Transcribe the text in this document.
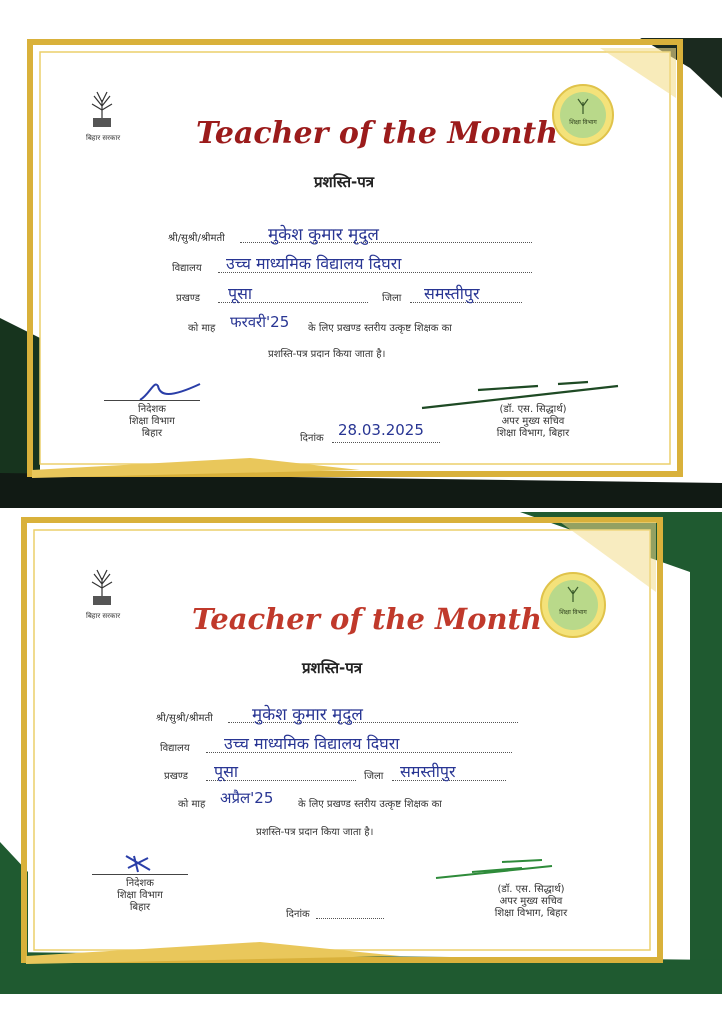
बिहार सरकार
शिक्षा विभाग
Teacher of the Month
प्रशस्ति-पत्र
श्री/सुश्री/श्रीमती	मुकेश कुमार मृदुल
विद्यालय उच्च माध्यमिक विद्यालय दिघरा
प्रखण्ड पूसा	जिला समस्तीपुर
को माह फरवरी'25 के लिए प्रखण्ड स्तरीय उत्कृष्ट शिक्षक का
प्रशस्ति-पत्र प्रदान किया जाता है।
निदेशक
शिक्षा विभाग
बिहार	दिनांक 28.03.2025
(डॉ. एस. सिद्धार्थ)
अपर मुख्य सचिव
शिक्षा विभाग, बिहार
बिहार सरकार	शिक्षा विभाग
Teacher of the Month
प्रशस्ति-पत्र
श्री/सुश्री/श्रीमती मुकेश कुमार मृदुल
विद्यालय उच्च माध्यमिक विद्यालय दिघरा
प्रखण्ड पूसा	जिला समस्तीपुर
को माह अप्रैल'25 के लिए प्रखण्ड स्तरीय उत्कृष्ट शिक्षक का
प्रशस्ति-पत्र प्रदान किया जाता है।
निदेशक
शिक्षा विभाग
बिहार
दिनांक
(डॉ. एस. सिद्धार्थ)
अपर मुख्य सचिव
शिक्षा विभाग, बिहार
